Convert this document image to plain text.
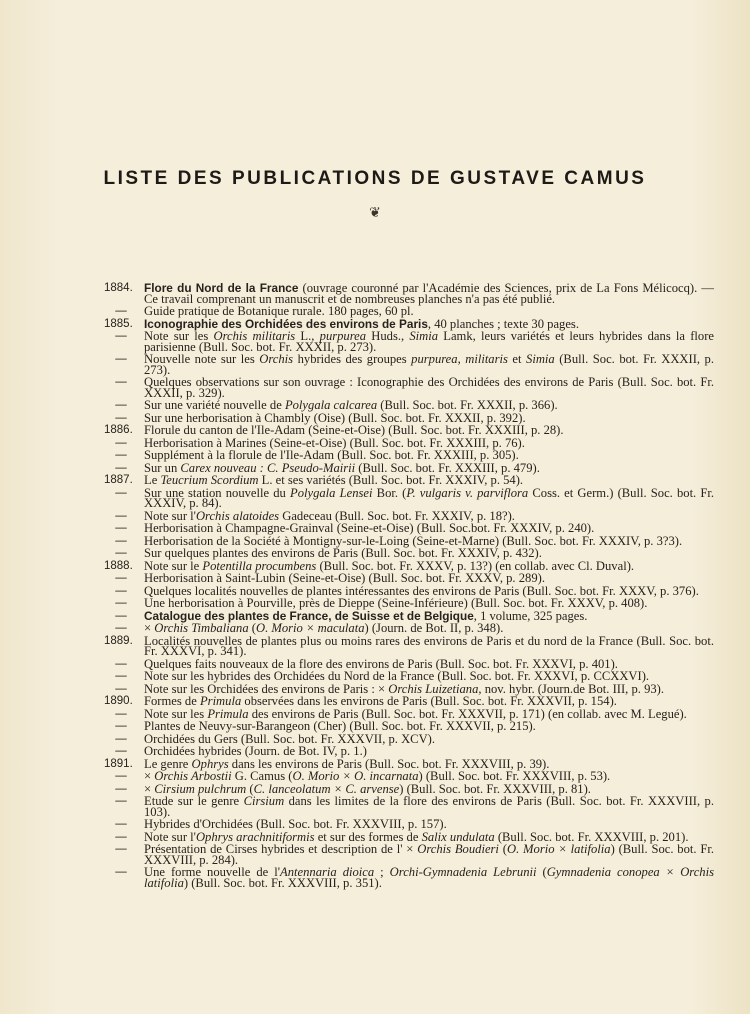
LISTE DES PUBLICATIONS DE GUSTAVE CAMUS
❦
1884. Flore du Nord de la France (ouvrage couronné par l'Académie des Sciences, prix de La Fons Mélicocq). — Ce travail comprenant un manuscrit et de nombreuses planches n'a pas été publié.
—	Guide pratique de Botanique rurale. 180 pages, 60 pl.
1885. Iconographie des Orchidées des environs de Paris, 40 planches ; texte 30 pages.
—	Note sur les Orchis militaris L., purpurea Huds., Simia Lamk, leurs variétés et leurs hybrides dans la flore parisienne (Bull. Soc. bot. Fr. XXXII, p. 273).
—	Nouvelle note sur les Orchis hybrides des groupes purpurea, militaris et Simia (Bull. Soc. bot. Fr. XXXII, p. 273).
—	Quelques observations sur son ouvrage : Iconographie des Orchidées des environs de Paris (Bull. Soc. bot. Fr. XXXII, p. 329).
—	Sur une variété nouvelle de Polygala calcarea (Bull. Soc. bot. Fr. XXXII, p. 366).
—	Sur une herborisation à Chambly (Oise) (Bull. Soc. bot. Fr. XXXII, p. 392).
1886. Florule du canton de l'Ile-Adam (Seine-et-Oise) (Bull. Soc. bot. Fr. XXXIII, p. 28).
—	Herborisation à Marines (Seine-et-Oise) (Bull. Soc. bot. Fr. XXXIII, p. 76).
—	Supplément à la florule de l'Ile-Adam (Bull. Soc. bot. Fr. XXXIII, p. 305).
—	Sur un Carex nouveau : C. Pseudo-Mairii (Bull. Soc. bot. Fr. XXXIII, p. 479).
1887. Le Teucrium Scordium L. et ses variétés (Bull. Soc. bot. Fr. XXXIV, p. 54).
—	Sur une station nouvelle du Polygala Lensei Bor. (P. vulgaris v. parviflora Coss. et Germ.) (Bull. Soc. bot. Fr. XXXIV, p. 84).
—	Note sur l'Orchis alatoides Gadeceau (Bull. Soc. bot. Fr. XXXIV, p. 18?).
—	Herborisation à Champagne-Grainval (Seine-et-Oise) (Bull. Soc.bot. Fr. XXXIV, p. 240).
—	Herborisation de la Société à Montigny-sur-le-Loing (Seine-et-Marne) (Bull. Soc. bot. Fr. XXXIV, p. 3?3).
—	Sur quelques plantes des environs de Paris (Bull. Soc. bot. Fr. XXXIV, p. 432).
1888. Note sur le Potentilla procumbens (Bull. Soc. bot. Fr. XXXV, p. 13?) (en collab. avec Cl. Duval).
—	Herborisation à Saint-Lubin (Seine-et-Oise) (Bull. Soc. bot. Fr. XXXV, p. 289).
—	Quelques localités nouvelles de plantes intéressantes des environs de Paris (Bull. Soc. bot. Fr. XXXV, p. 376).
—	Une herborisation à Pourville, près de Dieppe (Seine-Inférieure) (Bull. Soc. bot. Fr. XXXV, p. 408).
—	Catalogue des plantes de France, de Suisse et de Belgique, 1 volume, 325 pages.
—	× Orchis Timbaliana (O. Morio × maculata) (Journ. de Bot. II, p. 348).
1889. Localités nouvelles de plantes plus ou moins rares des environs de Paris et du nord de la France (Bull. Soc. bot. Fr. XXXVI, p. 341).
—	Quelques faits nouveaux de la flore des environs de Paris (Bull. Soc. bot. Fr. XXXVI, p. 401).
—	Note sur les hybrides des Orchidées du Nord de la France (Bull. Soc. bot. Fr. XXXVI, p. CCXXVI).
—	Note sur les Orchidées des environs de Paris : × Orchis Luizetiana, nov. hybr. (Journ.de Bot. III, p. 93).
1890. Formes de Primula observées dans les environs de Paris (Bull. Soc. bot. Fr. XXXVII, p. 154).
—	Note sur les Primula des environs de Paris (Bull. Soc. bot. Fr. XXXVII, p. 171) (en collab. avec M. Legué).
—	Plantes de Neuvy-sur-Barangeon (Cher) (Bull. Soc. bot. Fr. XXXVII, p. 215).
—	Orchidées du Gers (Bull. Soc. bot. Fr. XXXVII, p. XCV).
—	Orchidées hybrides (Journ. de Bot. IV, p. 1.)
1891. Le genre Ophrys dans les environs de Paris (Bull. Soc. bot. Fr. XXXVIII, p. 39).
—	× Orchis Arbostii G. Camus (O. Morio × O. incarnata) (Bull. Soc. bot. Fr. XXXVIII, p. 53).
—	× Cirsium pulchrum (C. lanceolatum × C. arvense) (Bull. Soc. bot. Fr. XXXVIII, p. 81).
—	Etude sur le genre Cirsium dans les limites de la flore des environs de Paris (Bull. Soc. bot. Fr. XXXVIII, p. 103).
—	Hybrides d'Orchidées (Bull. Soc. bot. Fr. XXXVIII, p. 157).
—	Note sur l'Ophrys arachnitiformis et sur des formes de Salix undulata (Bull. Soc. bot. Fr. XXXVIII, p. 201).
—	Présentation de Cirses hybrides et description de l' × Orchis Boudieri (O. Morio × latifolia) (Bull. Soc. bot. Fr. XXXVIII, p. 284).
—	Une forme nouvelle de l'Antennaria dioica ; Orchi-Gymnadenia Lebrunii (Gymnadenia conopea × Orchis latifolia) (Bull. Soc. bot. Fr. XXXVIII, p. 351).
